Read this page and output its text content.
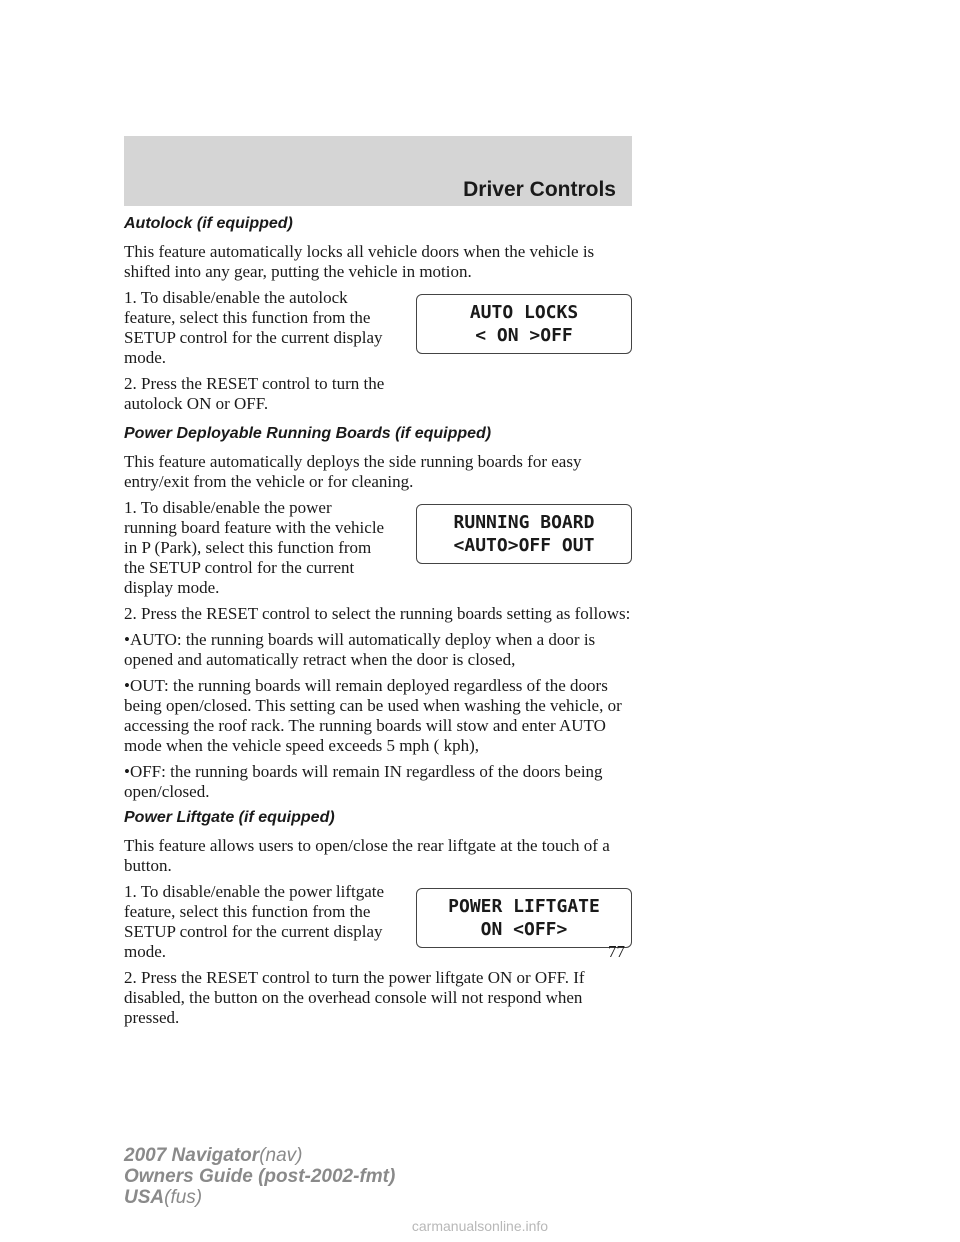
Driver Controls
Autolock (if equipped)
This feature automatically locks all vehicle doors when the vehicle is shifted into any gear, putting the vehicle in motion.
1. To disable/enable the autolock feature, select this function from the SETUP control for the current display mode.
2. Press the RESET control to turn the autolock ON or OFF.
AUTO LOCKS
< ON >OFF
Power Deployable Running Boards (if equipped)
This feature automatically deploys the side running boards for easy entry/exit from the vehicle or for cleaning.
1. To disable/enable the power running board feature with the vehicle in P (Park), select this function from the SETUP control for the current display mode.
RUNNING BOARD
<AUTO>OFF OUT
2. Press the RESET control to select the running boards setting as follows:
•AUTO: the running boards will automatically deploy when a door is opened and automatically retract when the door is closed,
•OUT: the running boards will remain deployed regardless of the doors being open/closed. This setting can be used when washing the vehicle, or accessing the roof rack. The running boards will stow and enter AUTO mode when the vehicle speed exceeds 5 mph ( kph),
•OFF: the running boards will remain IN regardless of the doors being open/closed.
Power Liftgate (if equipped)
This feature allows users to open/close the rear liftgate at the touch of a button.
1. To disable/enable the power liftgate feature, select this function from the SETUP control for the current display mode.
POWER LIFTGATE
ON <OFF>
2. Press the RESET control to turn the power liftgate ON or OFF. If disabled, the button on the overhead console will not respond when pressed.
77
2007 Navigator(nav)
Owners Guide (post-2002-fmt)
USA(fus)
carmanualsonline.info
